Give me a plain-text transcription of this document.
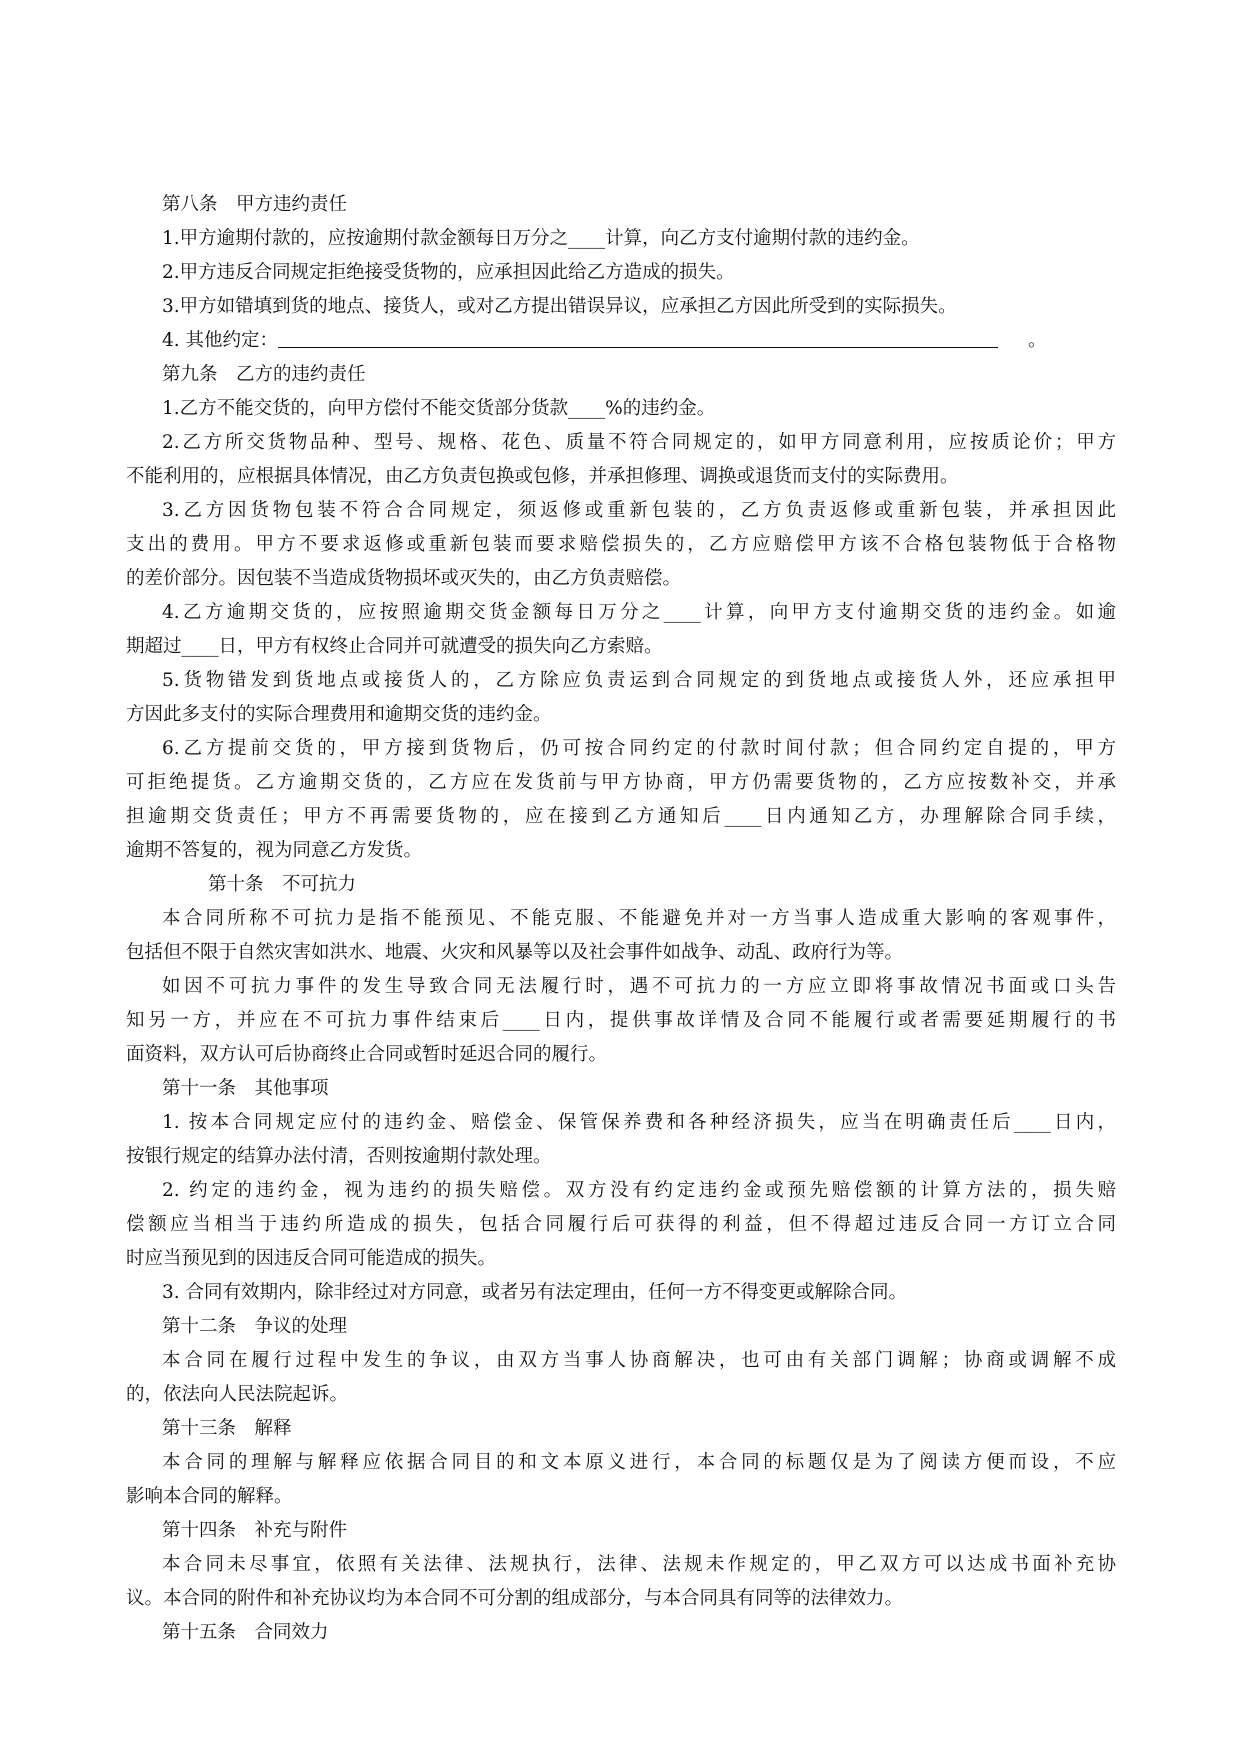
第八条　甲方违约责任
1.甲方逾期付款的，应按逾期付款金额每日万分之____计算，向乙方支付逾期付款的违约金。
2.甲方违反合同规定拒绝接受货物的，应承担因此给乙方造成的损失。
3.甲方如错填到货的地点、接货人，或对乙方提出错误异议，应承担乙方因此所受到的实际损失。
4. 其他约定：	。
第九条　乙方的违约责任
1.乙方不能交货的，向甲方偿付不能交货部分货款____%的违约金。
2.乙方所交货物品种、型号、规格、花色、质量不符合同规定的，如甲方同意利用，应按质论价；甲方
不能利用的，应根据具体情况，由乙方负责包换或包修，并承担修理、调换或退货而支付的实际费用。
3.乙方因货物包装不符合合同规定，须返修或重新包装的，乙方负责返修或重新包装，并承担因此
支出的费用。甲方不要求返修或重新包装而要求赔偿损失的，乙方应赔偿甲方该不合格包装物低于合格物
的差价部分。因包装不当造成货物损坏或灭失的，由乙方负责赔偿。
4.乙方逾期交货的，应按照逾期交货金额每日万分之____计算，向甲方支付逾期交货的违约金。如逾
期超过____日，甲方有权终止合同并可就遭受的损失向乙方索赔。
5.货物错发到货地点或接货人的，乙方除应负责运到合同规定的到货地点或接货人外，还应承担甲
方因此多支付的实际合理费用和逾期交货的违约金。
6.乙方提前交货的，甲方接到货物后，仍可按合同约定的付款时间付款；但合同约定自提的，甲方
可拒绝提货。乙方逾期交货的，乙方应在发货前与甲方协商，甲方仍需要货物的，乙方应按数补交，并承
担逾期交货责任；甲方不再需要货物的，应在接到乙方通知后____日内通知乙方，办理解除合同手续，
逾期不答复的，视为同意乙方发货。
第十条　不可抗力
本合同所称不可抗力是指不能预见、不能克服、不能避免并对一方当事人造成重大影响的客观事件，
包括但不限于自然灾害如洪水、地震、火灾和风暴等以及社会事件如战争、动乱、政府行为等。
如因不可抗力事件的发生导致合同无法履行时，遇不可抗力的一方应立即将事故情况书面或口头告
知另一方，并应在不可抗力事件结束后____日内，提供事故详情及合同不能履行或者需要延期履行的书
面资料，双方认可后协商终止合同或暂时延迟合同的履行。
第十一条　其他事项
1. 按本合同规定应付的违约金、赔偿金、保管保养费和各种经济损失，应当在明确责任后____日内，
按银行规定的结算办法付清，否则按逾期付款处理。
2. 约定的违约金，视为违约的损失赔偿。双方没有约定违约金或预先赔偿额的计算方法的，损失赔
偿额应当相当于违约所造成的损失，包括合同履行后可获得的利益，但不得超过违反合同一方订立合同
时应当预见到的因违反合同可能造成的损失。
3. 合同有效期内，除非经过对方同意，或者另有法定理由，任何一方不得变更或解除合同。
第十二条　争议的处理
本合同在履行过程中发生的争议，由双方当事人协商解决，也可由有关部门调解；协商或调解不成
的，依法向人民法院起诉。
第十三条　解释
本合同的理解与解释应依据合同目的和文本原义进行，本合同的标题仅是为了阅读方便而设，不应
影响本合同的解释。
第十四条　补充与附件
本合同未尽事宜，依照有关法律、法规执行，法律、法规未作规定的，甲乙双方可以达成书面补充协
议。本合同的附件和补充协议均为本合同不可分割的组成部分，与本合同具有同等的法律效力。
第十五条　合同效力
